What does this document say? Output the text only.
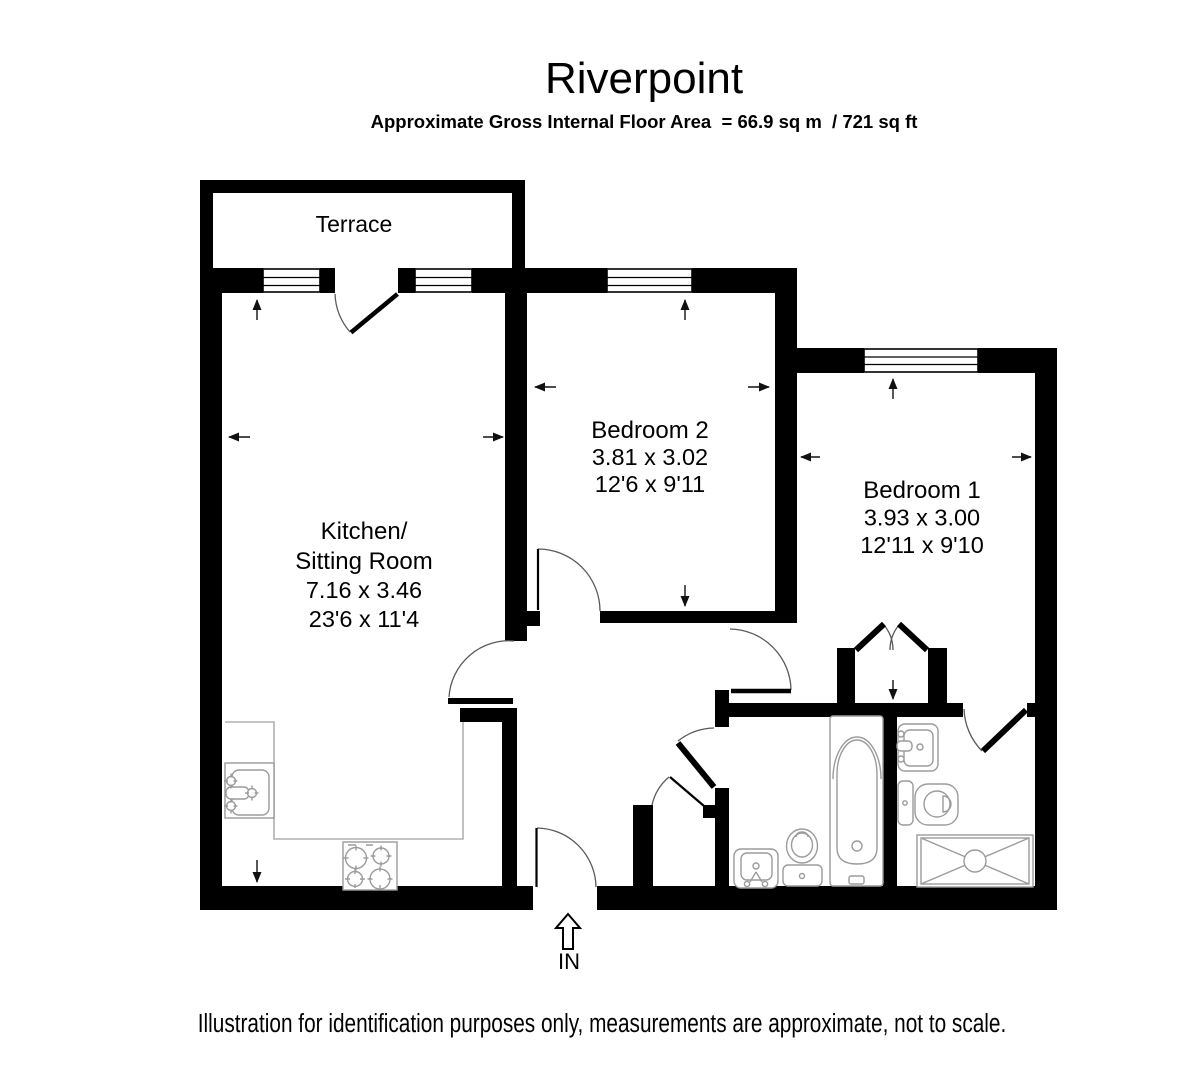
Riverpoint
Approximate Gross Internal Floor Area  = 66.9 sq m  / 721 sq ft
Terrace
Kitchen/
Sitting Room
7.16 x 3.46
23'6 x 11'4
Bedroom 2
3.81 x 3.02
12'6 x 9'11	Bedroom 1
3.93 x 3.00
12'11 x 9'10
IN
Illustration for identification purposes only, measurements are approximate, not to scale.
